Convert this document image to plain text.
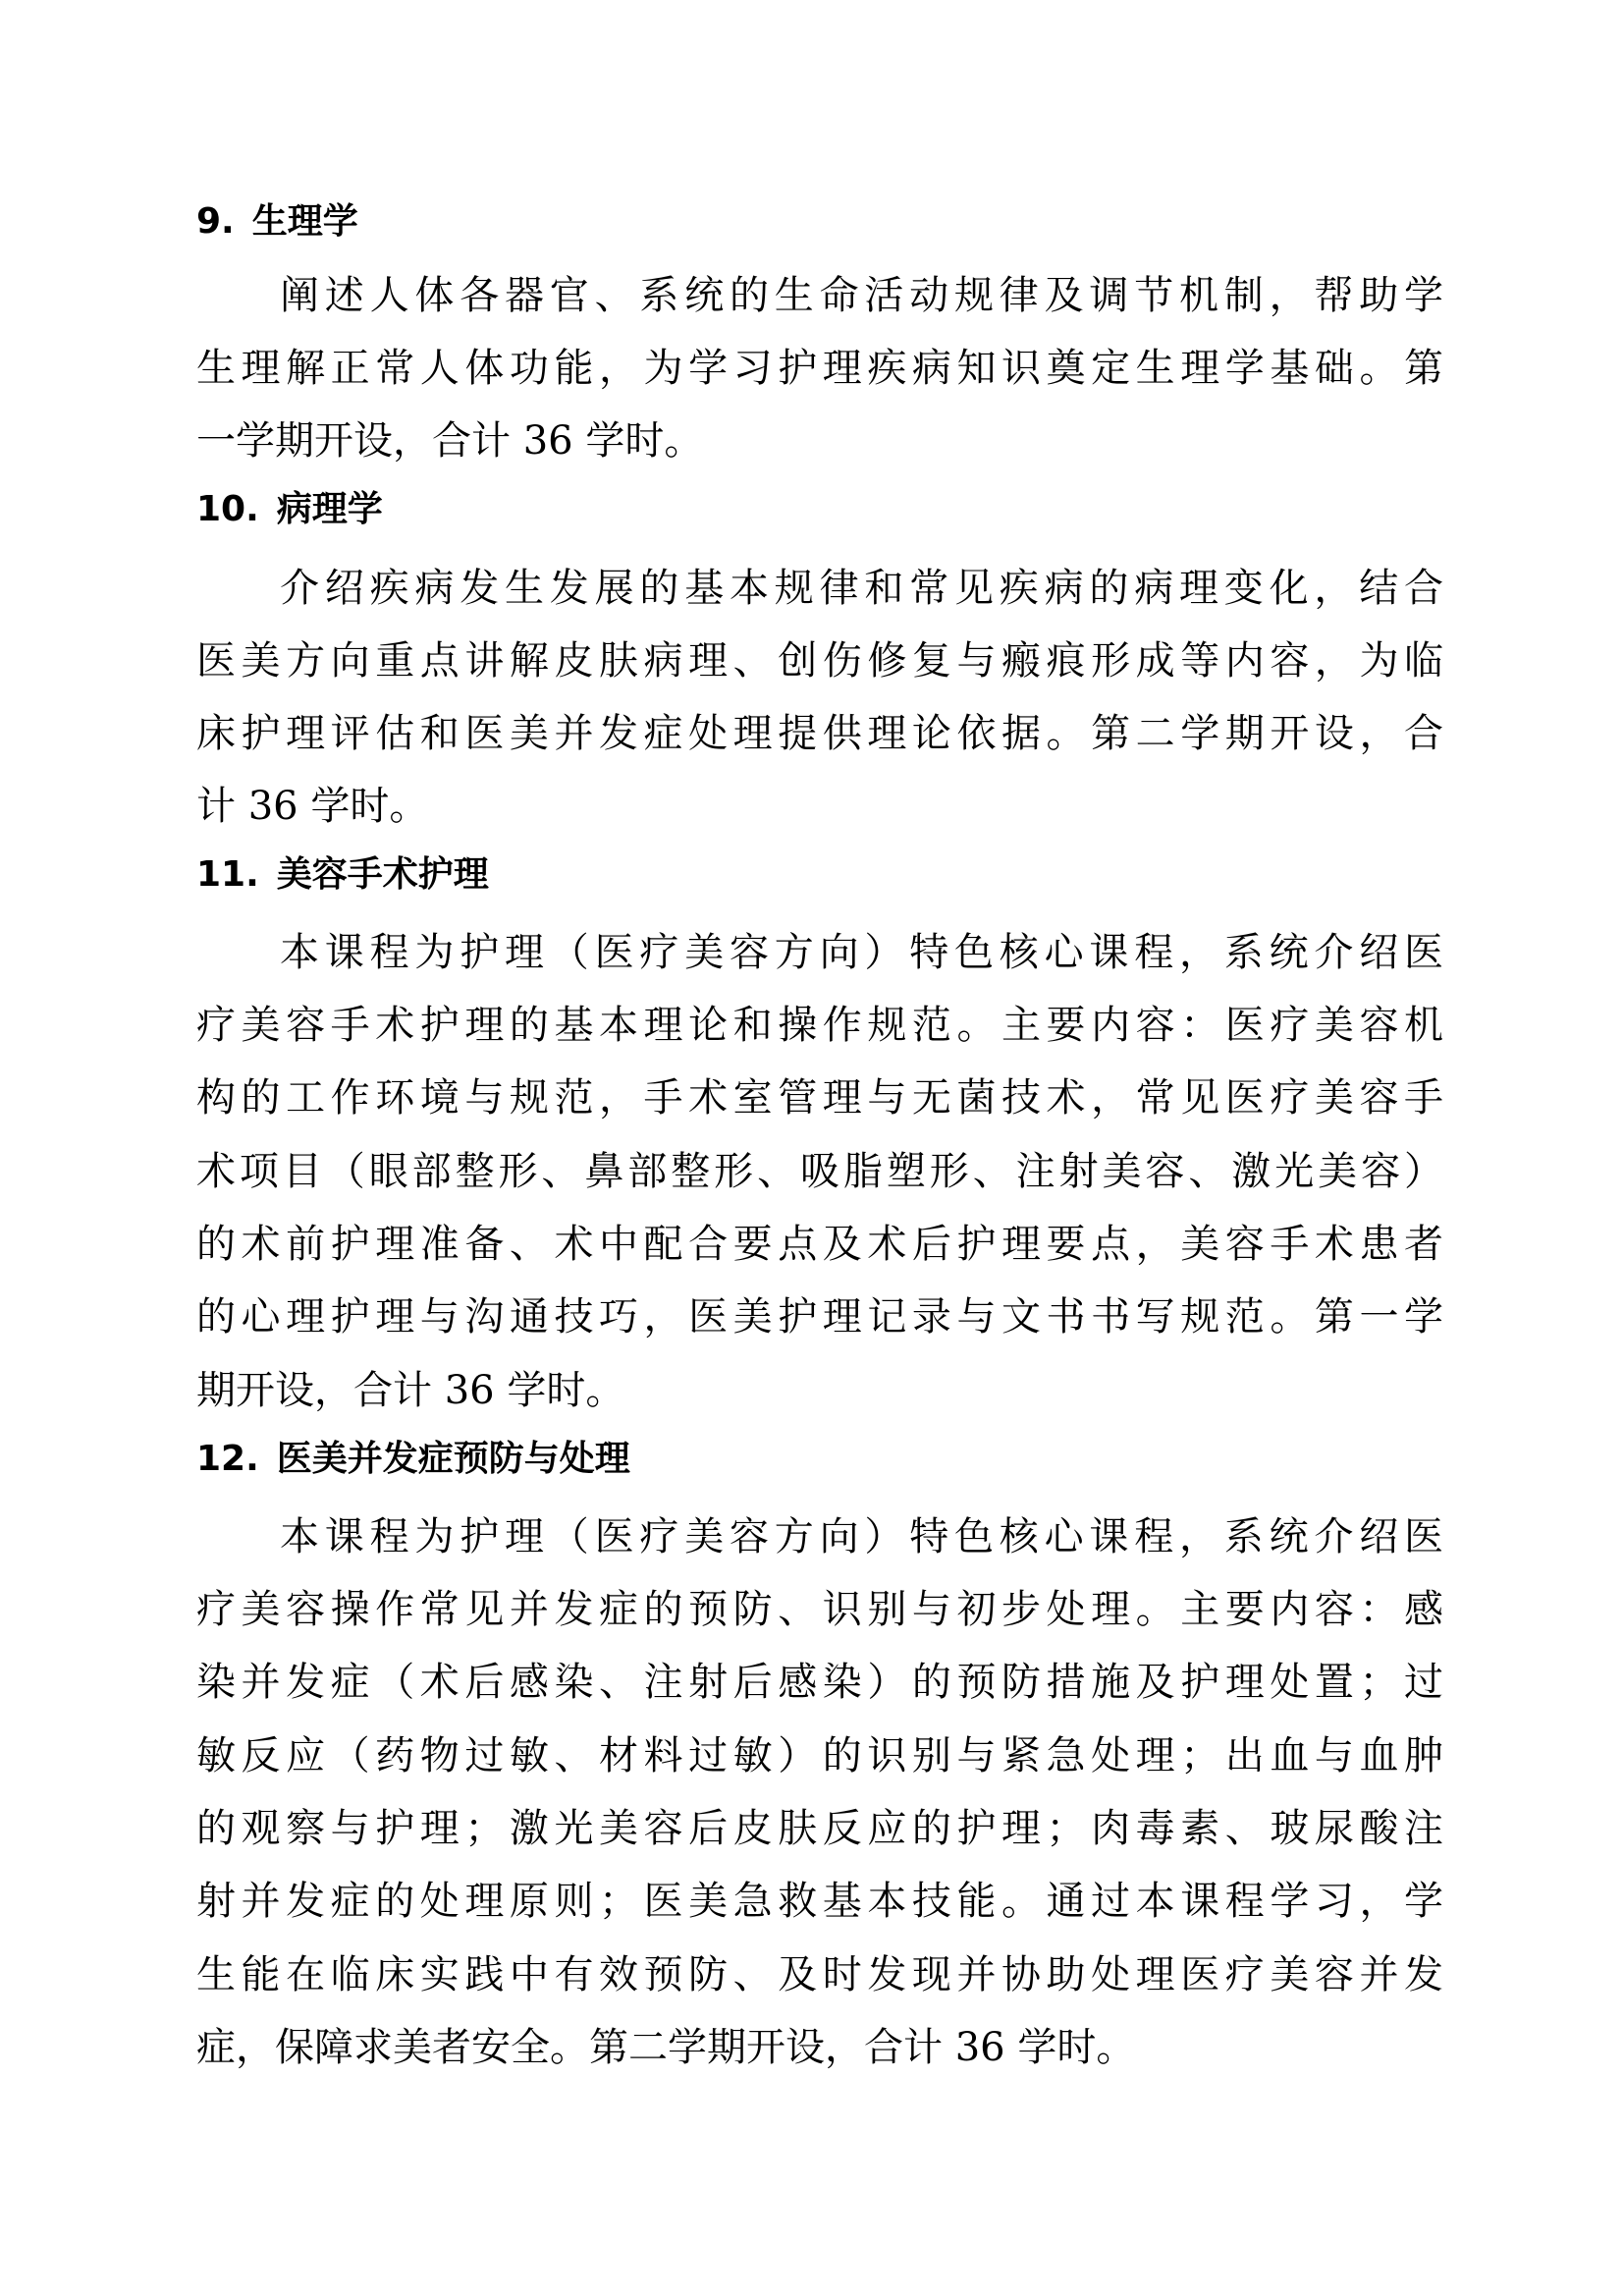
9. 生理学
阐述人体各器官、系统的生命活动规律及调节机制，帮助学
生理解正常人体功能，为学习护理疾病知识奠定生理学基础。第
一学期开设，合计 36 学时。
10. 病理学
介绍疾病发生发展的基本规律和常见疾病的病理变化，结合
医美方向重点讲解皮肤病理、创伤修复与瘢痕形成等内容，为临
床护理评估和医美并发症处理提供理论依据。第二学期开设，合
计 36 学时。
11. 美容手术护理
本课程为护理（医疗美容方向）特色核心课程，系统介绍医
疗美容手术护理的基本理论和操作规范。主要内容：医疗美容机
构的工作环境与规范，手术室管理与无菌技术，常见医疗美容手
术项目（眼部整形、鼻部整形、吸脂塑形、注射美容、激光美容）
的术前护理准备、术中配合要点及术后护理要点，美容手术患者
的心理护理与沟通技巧，医美护理记录与文书书写规范。第一学
期开设，合计 36 学时。
12. 医美并发症预防与处理
本课程为护理（医疗美容方向）特色核心课程，系统介绍医
疗美容操作常见并发症的预防、识别与初步处理。主要内容：感
染并发症（术后感染、注射后感染）的预防措施及护理处置；过
敏反应（药物过敏、材料过敏）的识别与紧急处理；出血与血肿
的观察与护理；激光美容后皮肤反应的护理；肉毒素、玻尿酸注
射并发症的处理原则；医美急救基本技能。通过本课程学习，学
生能在临床实践中有效预防、及时发现并协助处理医疗美容并发
症，保障求美者安全。第二学期开设，合计 36 学时。
